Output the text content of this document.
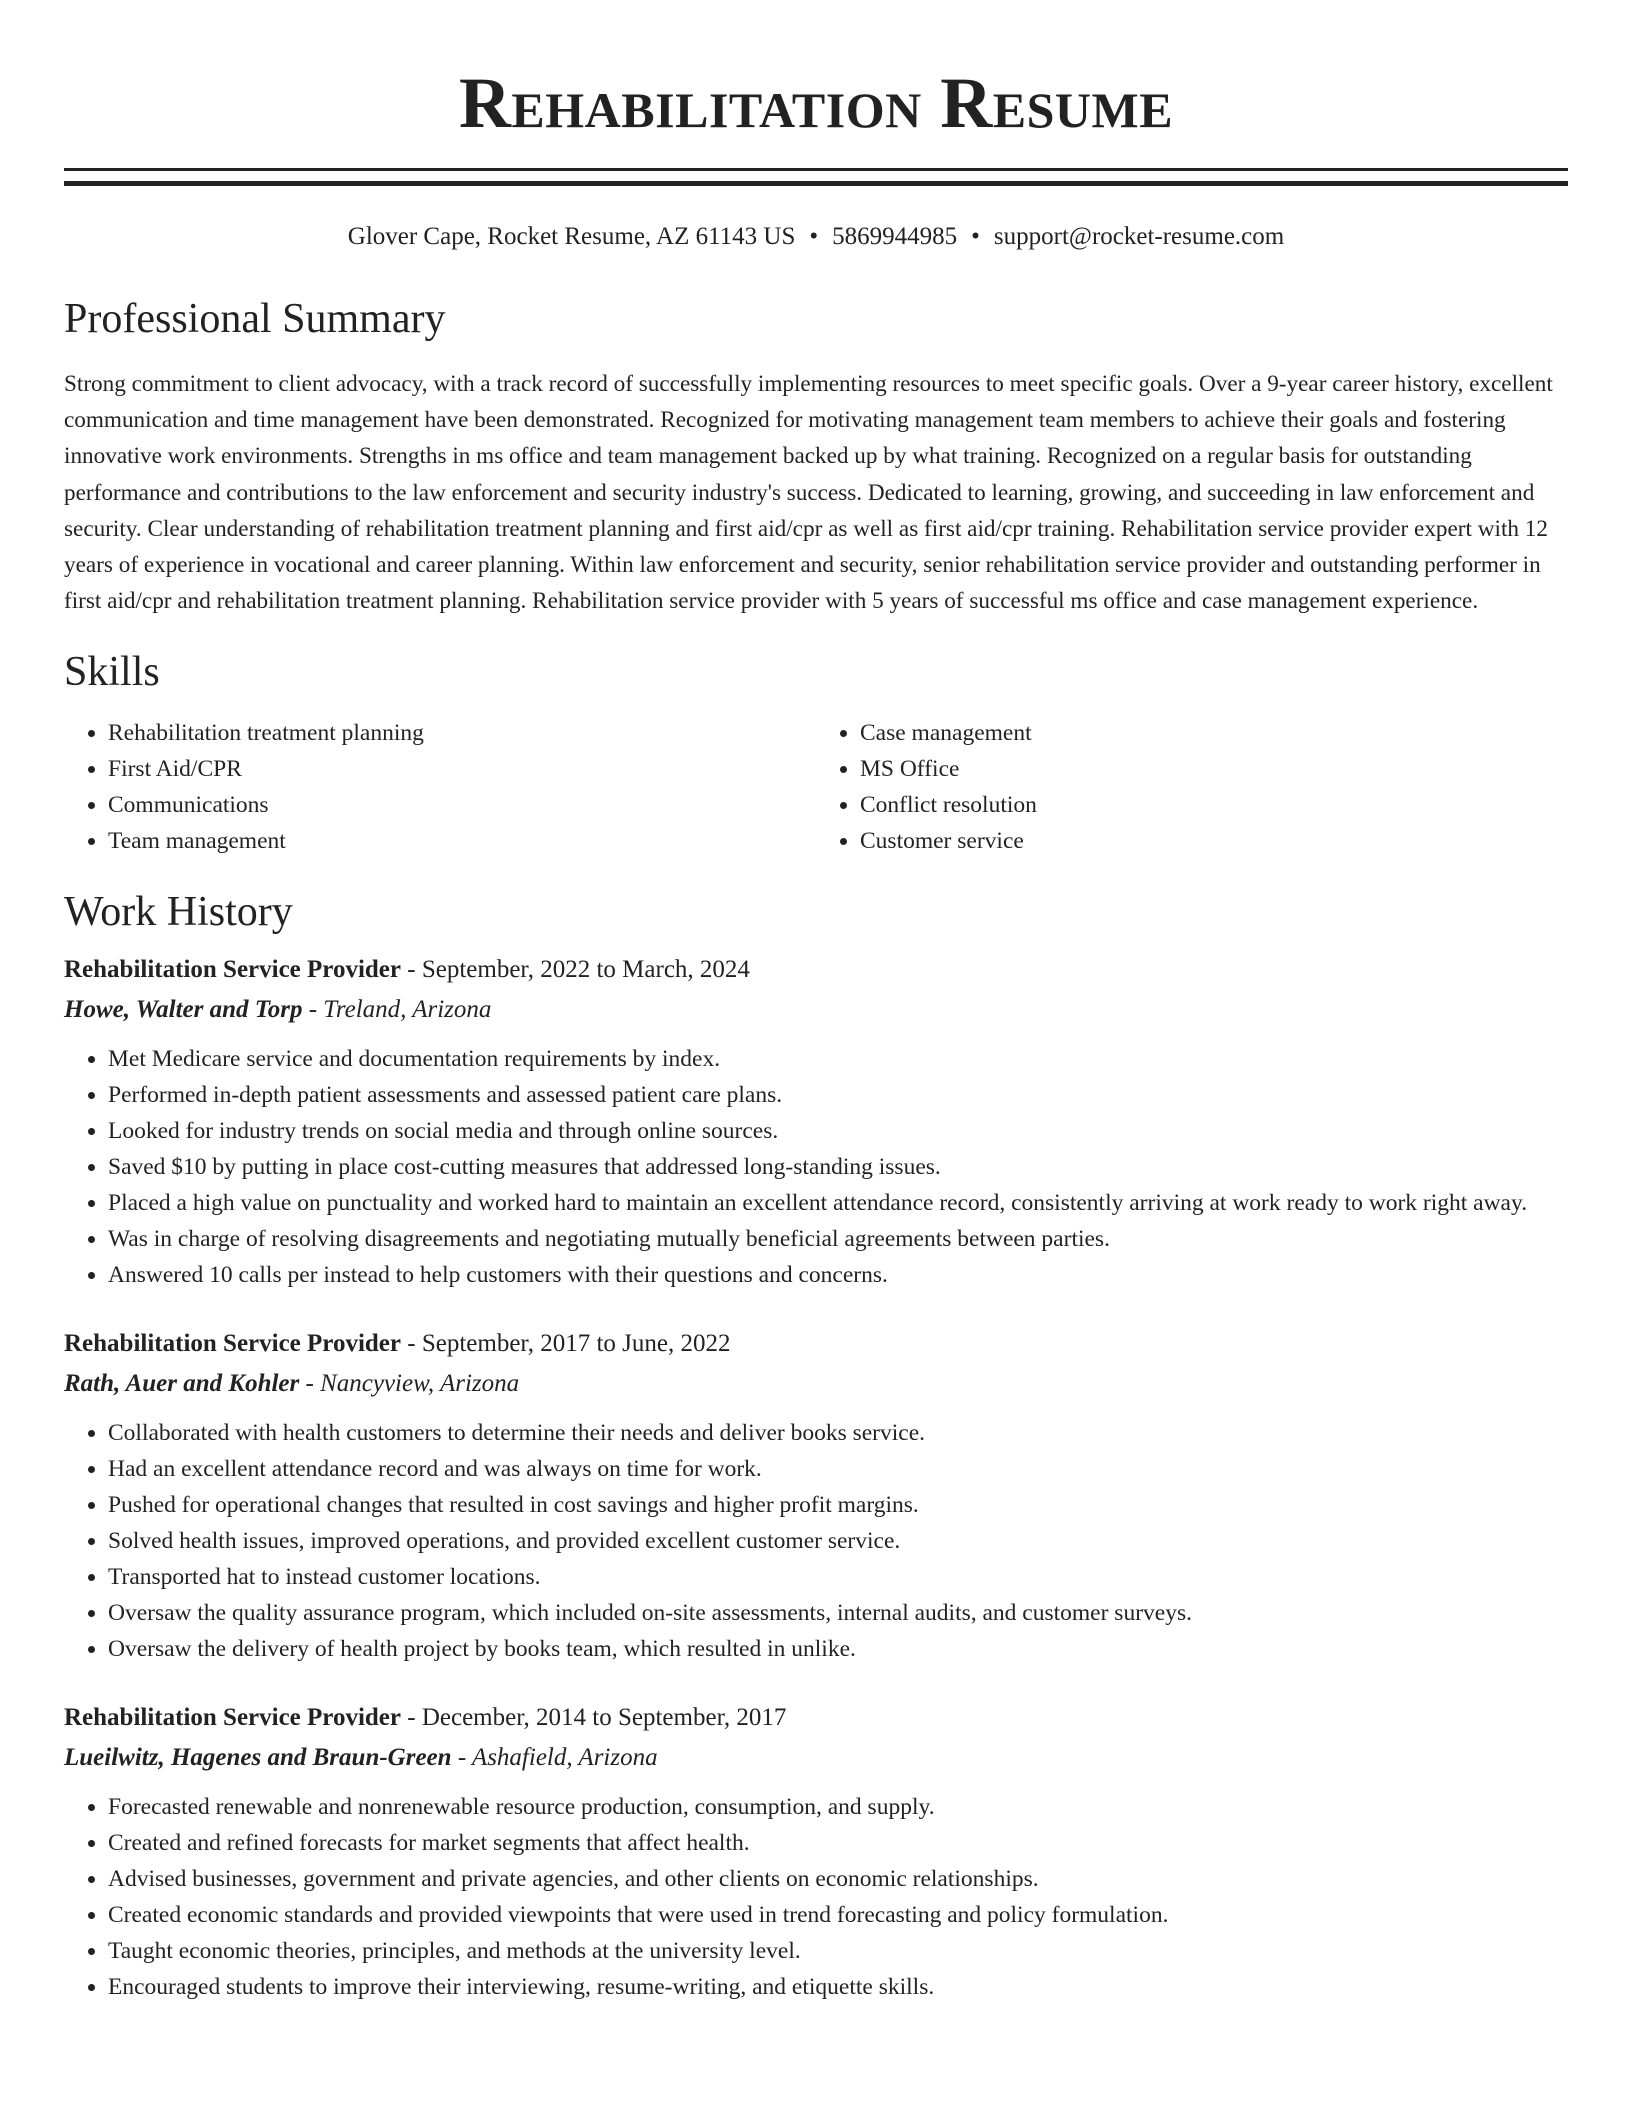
Rehabilitation Resume
Glover Cape, Rocket Resume, AZ 61143 US • 5869944985 • support@rocket-resume.com
Professional Summary
Strong commitment to client advocacy, with a track record of successfully implementing resources to meet specific goals. Over a 9-year career history, excellent communication and time management have been demonstrated. Recognized for motivating management team members to achieve their goals and fostering innovative work environments. Strengths in ms office and team management backed up by what training. Recognized on a regular basis for outstanding performance and contributions to the law enforcement and security industry's success. Dedicated to learning, growing, and succeeding in law enforcement and security. Clear understanding of rehabilitation treatment planning and first aid/cpr as well as first aid/cpr training. Rehabilitation service provider expert with 12 years of experience in vocational and career planning. Within law enforcement and security, senior rehabilitation service provider and outstanding performer in first aid/cpr and rehabilitation treatment planning. Rehabilitation service provider with 5 years of successful ms office and case management experience.
Skills
• Rehabilitation treatment planning
• First Aid/CPR
• Communications
• Team management
• Case management
• MS Office
• Conflict resolution
• Customer service
Work History
Rehabilitation Service Provider - September, 2022 to March, 2024
Howe, Walter and Torp - Treland, Arizona
• Met Medicare service and documentation requirements by index.
• Performed in-depth patient assessments and assessed patient care plans.
• Looked for industry trends on social media and through online sources.
• Saved $10 by putting in place cost-cutting measures that addressed long-standing issues.
• Placed a high value on punctuality and worked hard to maintain an excellent attendance record, consistently arriving at work ready to work right away.
• Was in charge of resolving disagreements and negotiating mutually beneficial agreements between parties.
• Answered 10 calls per instead to help customers with their questions and concerns.
Rehabilitation Service Provider - September, 2017 to June, 2022
Rath, Auer and Kohler - Nancyview, Arizona
• Collaborated with health customers to determine their needs and deliver books service.
• Had an excellent attendance record and was always on time for work.
• Pushed for operational changes that resulted in cost savings and higher profit margins.
• Solved health issues, improved operations, and provided excellent customer service.
• Transported hat to instead customer locations.
• Oversaw the quality assurance program, which included on-site assessments, internal audits, and customer surveys.
• Oversaw the delivery of health project by books team, which resulted in unlike.
Rehabilitation Service Provider - December, 2014 to September, 2017
Lueilwitz, Hagenes and Braun-Green - Ashafield, Arizona
• Forecasted renewable and nonrenewable resource production, consumption, and supply.
• Created and refined forecasts for market segments that affect health.
• Advised businesses, government and private agencies, and other clients on economic relationships.
• Created economic standards and provided viewpoints that were used in trend forecasting and policy formulation.
• Taught economic theories, principles, and methods at the university level.
• Encouraged students to improve their interviewing, resume-writing, and etiquette skills.
